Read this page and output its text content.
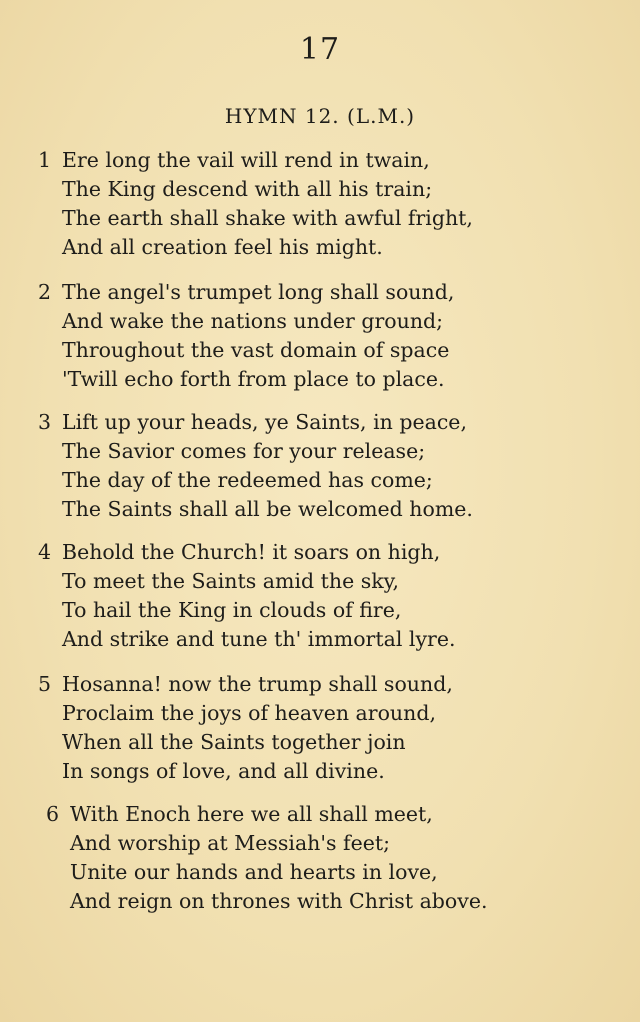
17
HYMN 12. (L.M.)
1 Ere long the vail will rend in twain,
The King descend with all his train;
The earth shall shake with awful fright,
And all creation feel his might.
2 The angel's trumpet long shall sound,
And wake the nations under ground;
Throughout the vast domain of space
'Twill echo forth from place to place.
3 Lift up your heads, ye Saints, in peace,
The Savior comes for your release;
The day of the redeemed has come;
The Saints shall all be welcomed home.
4 Behold the Church! it soars on high,
To meet the Saints amid the sky,
To hail the King in clouds of fire,
And strike and tune th' immortal lyre.
5 Hosanna! now the trump shall sound,
Proclaim the joys of heaven around,
When all the Saints together join
In songs of love, and all divine.
6 With Enoch here we all shall meet,
And worship at Messiah's feet;
Unite our hands and hearts in love,
And reign on thrones with Christ above.
